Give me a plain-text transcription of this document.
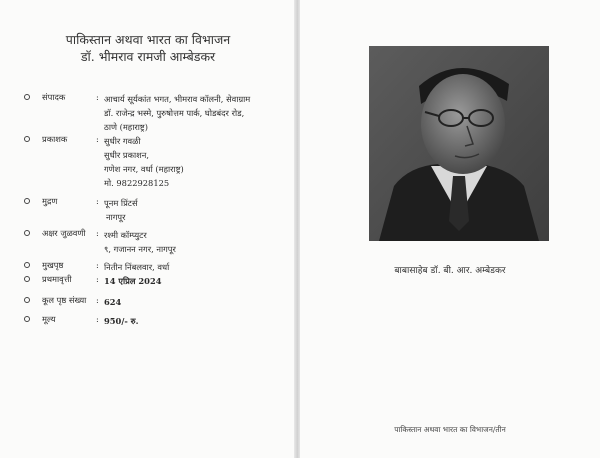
पाकिस्तान अथवा भारत का विभाजन
डॉ. भीमराव रामजी आम्बेडकर
संपादक	: आचार्य सूर्यकांत भगत, भीमराव कॉलनी, सेवाग्राम
डॉ. राजेन्द्र भस्मे, पुरुषोत्तम पार्क, घोडबंदर रोड,
ठाणे (महाराष्ट्र)
प्रकाशक	: सुधीर गवळी
सुधीर प्रकाशन,
गणेश नगर, वर्धा (महाराष्ट्र)
मो. 9822928125
मुद्रण	: पूनम प्रिंटर्स
नागपूर
अक्षर जुळवणी : रश्मी कॉम्प्युटर
९, गजानन नगर, नागपूर
मुखपृष्ठ	: नितीन निंबलवार, वर्धा
प्रथमावृत्ती	: 14 एप्रिल 2024
कूल पृष्ठ संख्या : 624
मूल्य	: 950/- रु.
बाबासाहेब डॉ. बी. आर. अम्बेडकर
पाकिस्तान अथवा भारत का विभाजन/तीन
